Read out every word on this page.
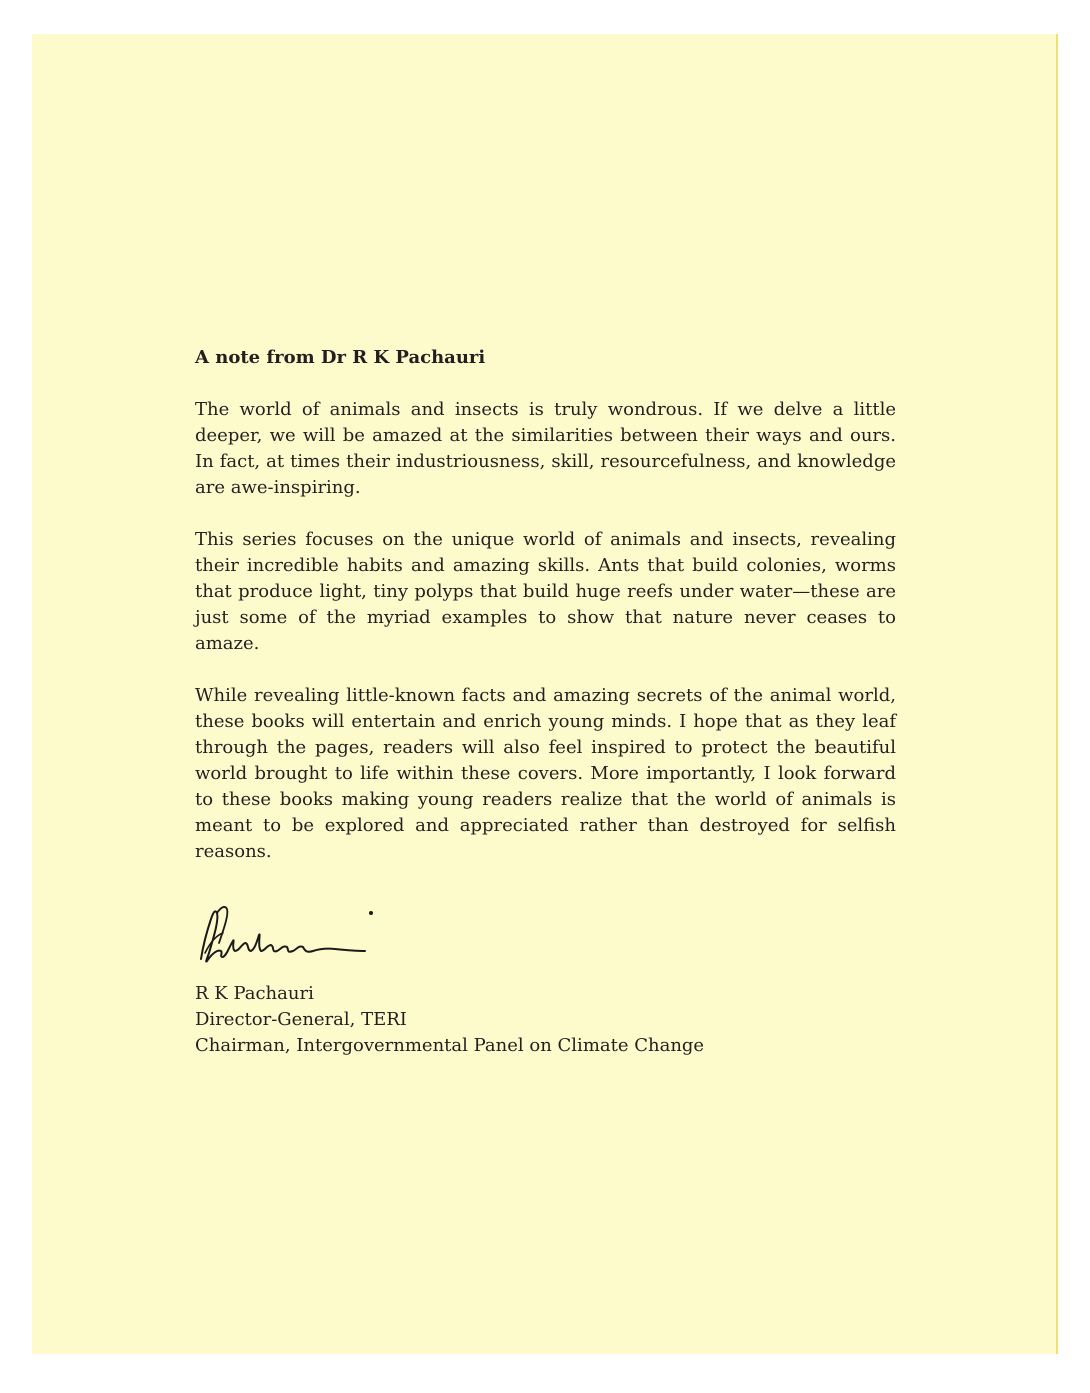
A note from Dr R K Pachauri

The world of animals and insects is truly wondrous. If we delve a little deeper, we will be amazed at the similarities between their ways and ours. In fact, at times their industriousness, skill, resourcefulness, and knowledge are awe-inspiring.

This series focuses on the unique world of animals and insects, revealing their incredible habits and amazing skills. Ants that build colonies, worms that produce light, tiny polyps that build huge reefs under water—these are just some of the myriad examples to show that nature never ceases to amaze.

While revealing little-known facts and amazing secrets of the animal world, these books will entertain and enrich young minds. I hope that as they leaf through the pages, readers will also feel inspired to protect the beautiful world brought to life within these covers. More importantly, I look forward to these books making young readers realize that the world of animals is meant to be explored and appreciated rather than destroyed for selfish reasons.

R K Pachauri

Director-General, TERI

Chairman, Intergovernmental Panel on Climate Change
